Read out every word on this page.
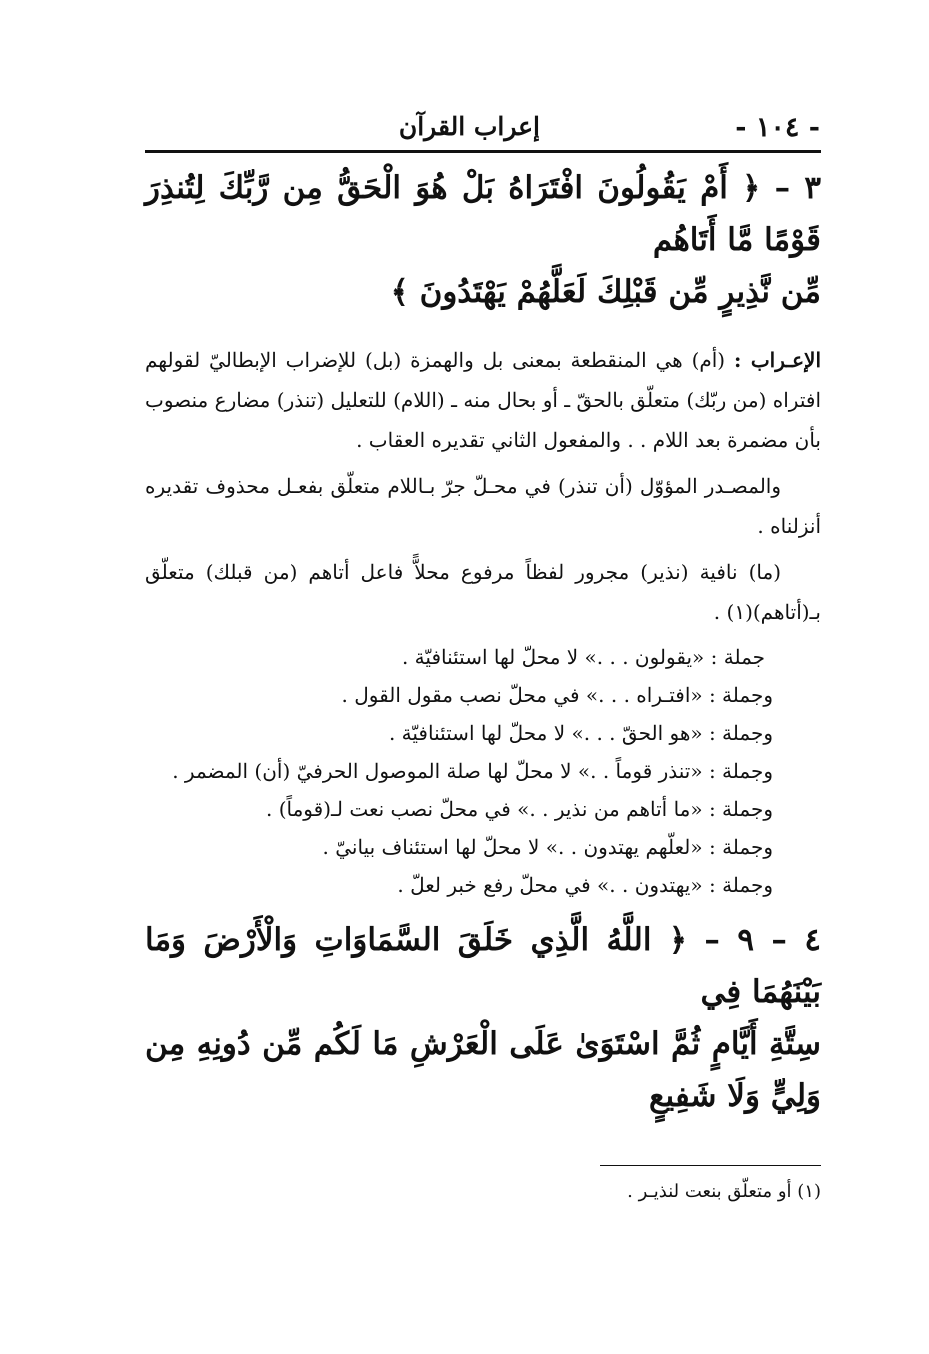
- ١٠٤ -
إعراب القرآن
٣ – ﴿ أَمْ يَقُولُونَ افْتَرَاهُ بَلْ هُوَ الْحَقُّ مِن رَّبِّكَ لِتُنذِرَ قَوْمًا مَّا أَتَاهُم
مِّن نَّذِيرٍ مِّن قَبْلِكَ لَعَلَّهُمْ يَهْتَدُونَ ﴾

الإعـراب : (أم) هي المنقطعة بمعنى بل والهمزة (بل) للإضراب الإبطاليّ لقولهم افتراه (من ربّك) متعلّق بالحقّ ـ أو بحال منه ـ (اللام) للتعليل (تنذر) مضارع منصوب بأن مضمرة بعد اللام . . والمفعول الثاني تقديره العقاب .

والمصـدر المؤوّل (أن تنذر) في محـلّ جرّ بـاللام متعلّق بفعـل محذوف تقديره أنزلناه .

(ما) نافية (نذير) مجرور لفظاً مرفوع محلاًّ فاعل أتاهم (من قبلك) متعلّق بـ(أتاهم)(١) .

جملة : «يقولون . . .» لا محلّ لها استئنافيّة .

وجملة : «افتـراه . . .» في محلّ نصب مقول القول .

وجملة : «هو الحقّ . . .» لا محلّ لها استئنافيّة .

وجملة : «تنذر قوماً . .» لا محلّ لها صلة الموصول الحرفيّ (أن) المضمر .

وجملة : «ما أتاهم من نذير . .» في محلّ نصب نعت لـ(قوماً) .

وجملة : «لعلّهم يهتدون . .» لا محلّ لها استئناف بيانيّ .

وجملة : «يهتدون . .» في محلّ رفع خبر لعلّ .

٤ – ٩ – ﴿ اللَّهُ الَّذِي خَلَقَ السَّمَاوَاتِ وَالْأَرْضَ وَمَا بَيْنَهُمَا فِي
سِتَّةِ أَيَّامٍ ثُمَّ اسْتَوَىٰ عَلَى الْعَرْشِ مَا لَكُم مِّن دُونِهِ مِن وَلِيٍّ وَلَا شَفِيعٍ
(١) أو متعلّق بنعت لنذيـر .
